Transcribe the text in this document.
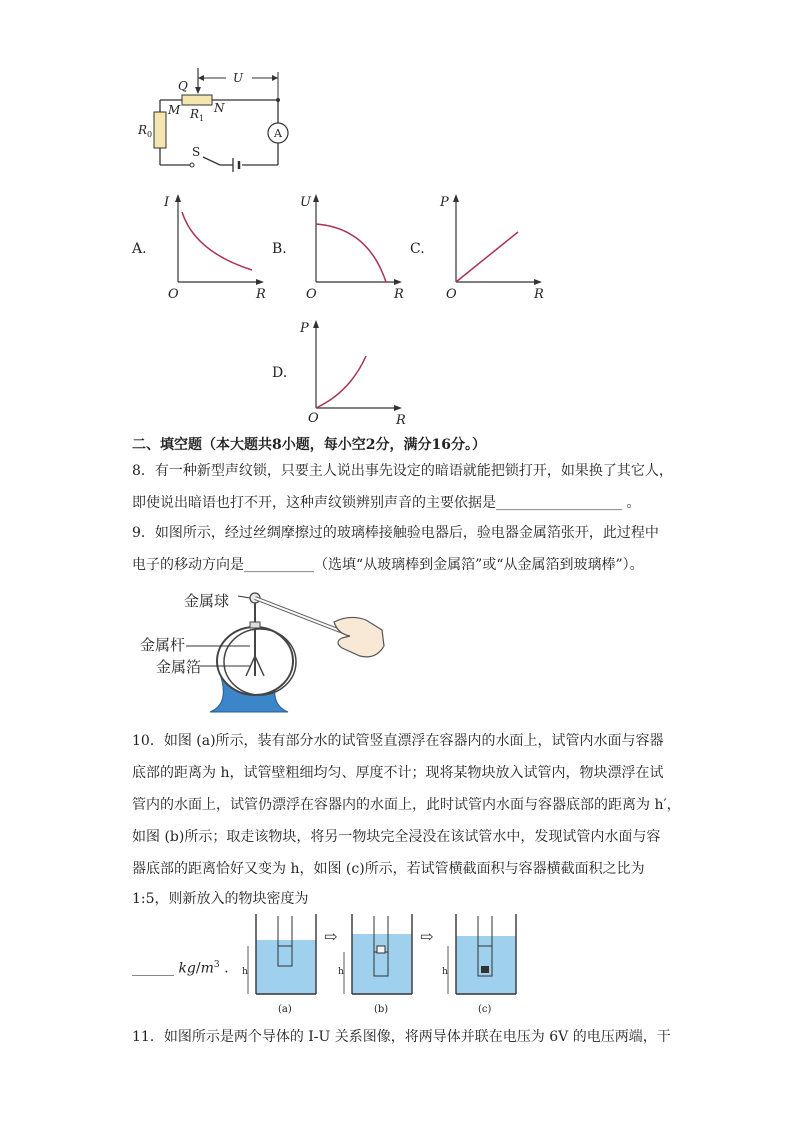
A
Q
U
M	N
$R_1$
$R_0$
S
A.
I
R
O
B.
U
R
O
C.
P
R
O
D.
P
R
O
二、填空题（本大题共8小题，每小空2分，满分16分。）
8．有一种新型声纹锁，只要主人说出事先设定的暗语就能把锁打开，如果换了其它人，
即使说出暗语也打不开，这种声纹锁辨别声音的主要依据是__________________ 。
9．如图所示，经过丝绸摩擦过的玻璃棒接触验电器后，验电器金属箔张开，此过程中
电子的移动方向是__________（选填“从玻璃棒到金属箔”或“从金属箔到玻璃棒”）。
金属球
金属杆
金属箔
10．如图 (a)所示，装有部分水的试管竖直漂浮在容器内的水面上，试管内水面与容器
底部的距离为 h，试管壁粗细均匀、厚度不计；现将某物块放入试管内，物块漂浮在试
管内的水面上，试管仍漂浮在容器内的水面上，此时试管内水面与容器底部的距离为 h′，
如图 (b)所示；取走该物块，将另一物块完全浸没在该试管水中，发现试管内水面与容
器底部的距离恰好又变为 h，如图 (c)所示，若试管横截面积与容器横截面积之比为
1:5，则新放入的物块密度为
______ $kg/m^3$ . h
(a)
⇨
h
(b)
⇨
h
(c)
11．如图所示是两个导体的 I-U 关系图像，将两导体并联在电压为 6V 的电压两端，干
